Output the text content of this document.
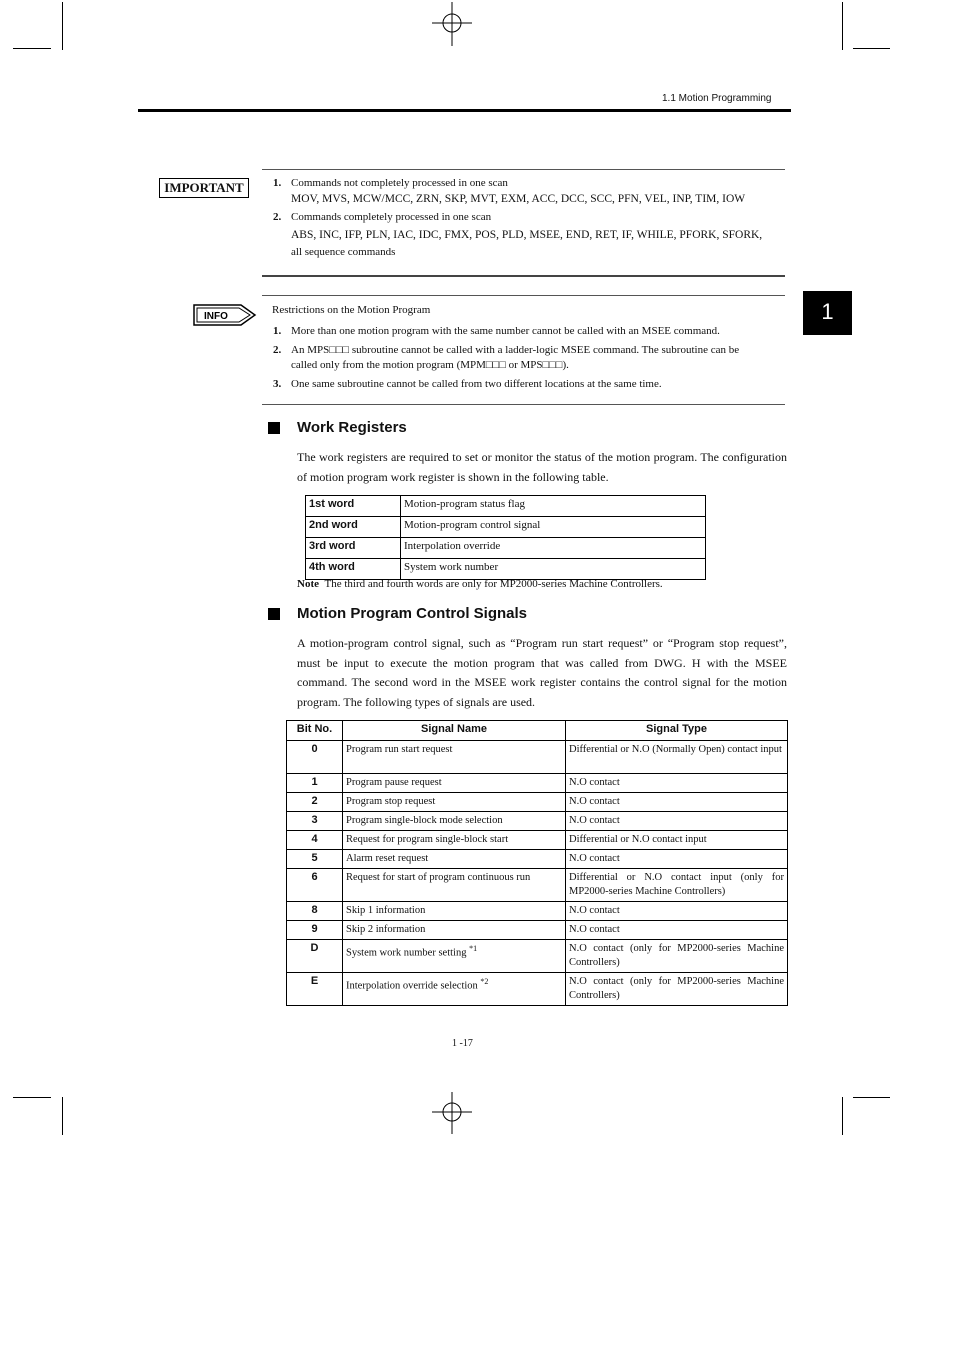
1.1 Motion Programming
1
IMPORTANT	1. Commands not completely processed in one scan
MOV, MVS, MCW/MCC, ZRN, SKP, MVT, EXM, ACC, DCC, SCC, PFN, VEL, INP, TIM, IOW
2. Commands completely processed in one scan
ABS, INC, IFP, PLN, IAC, IDC, FMX, POS, PLD, MSEE, END, RET, IF, WHILE, PFORK, SFORK,
all sequence commands
INFO
Restrictions on the Motion Program
1. More than one motion program with the same number cannot be called with an MSEE command.
2. An MPS□□□ subroutine cannot be called with a ladder-logic MSEE command. The subroutine can be
called only from the motion program (MPM□□□ or MPS□□□).
3. One same subroutine cannot be called from two different locations at the same time.
Work Registers
The work registers are required to set or monitor the status of the motion program. The configuration of motion program work register is shown in the following table.
1st word	Motion-program status flag
2nd word	Motion-program control signal
3rd word	Interpolation override
4th word	System work number
Note The third and fourth words are only for MP2000-series Machine Controllers.
Motion Program Control Signals
A motion-program control signal, such as “Program run start request” or “Program stop request”, must be input to execute the motion program that was called from DWG. H with the MSEE command. The second word in the MSEE work register contains the control signal for the motion program. The following types of signals are used.
Bit No.	Signal Name	Signal Type
0	Program run start request	Differential or N.O (Normally Open) contact input
1	Program pause request	N.O contact
2	Program stop request	N.O contact
3	Program single-block mode selection	N.O contact
4	Request for program single-block start	Differential or N.O contact input
5	Alarm reset request	N.O contact
6	Request for start of program continuous run	Differential or N.O contact input (only for MP2000-series Machine Controllers)
8	Skip 1 information	N.O contact
9	Skip 2 information	N.O contact
D	System work number setting $^{*1}$	N.O contact (only for MP2000-series Machine Controllers)
E	Interpolation override selection $^{*2}$	N.O contact (only for MP2000-series Machine Controllers)
1 -17
